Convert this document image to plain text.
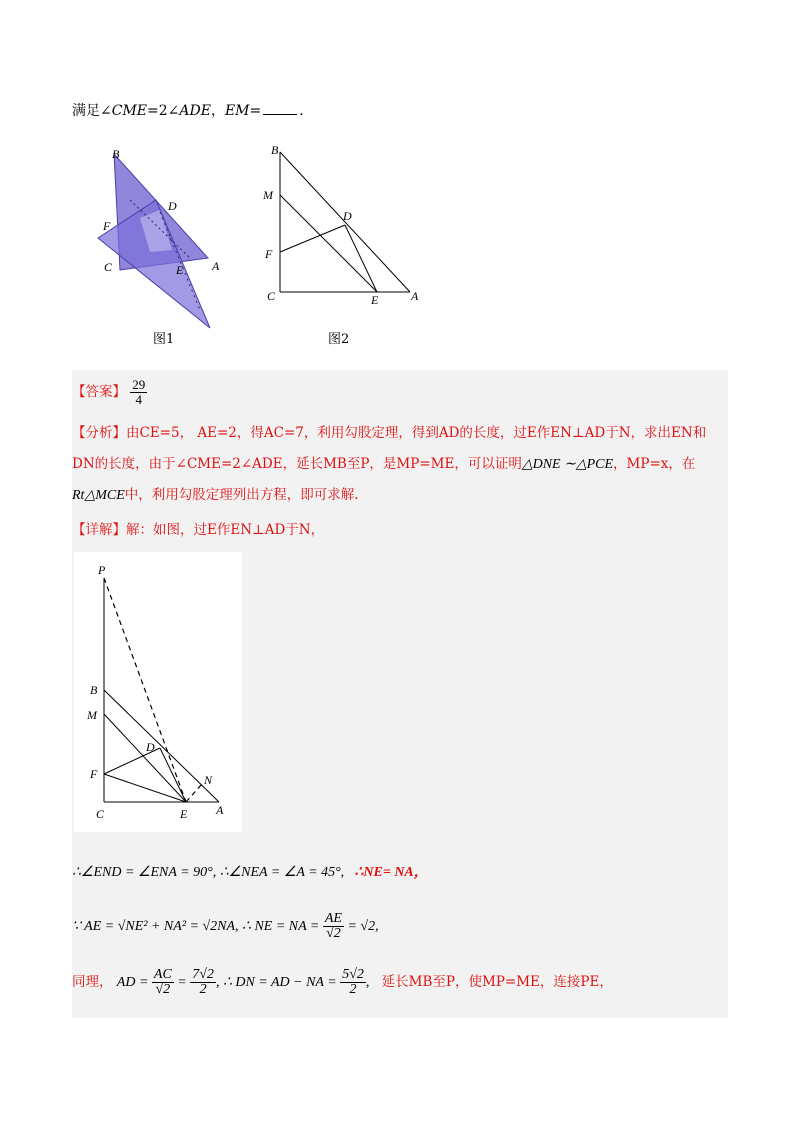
满足∠CME=2∠ADE，EM=	.
B
D
F
C	E A
图1
B
M
D
F
C	E	A
图2
【答案】 $\frac{29}{4}$
【分析】由CE=5， AE=2，得AC=7，利用勾股定理，得到AD的长度，过E作EN⊥AD于N，求出EN和
DN的长度，由于∠CME=2∠ADE，延长MB至P，是MP=ME，可以证明△DNE ∼△PCE，MP=x，在
Rt△MCE中，利用勾股定理列出方程，即可求解.
【详解】解：如图，过E作EN⊥AD于N，
P
B
M
D
F	N
C	E A
∴∠END = ∠ENA = 90°, ∴∠NEA = ∠A = 45°, ∴NE= NA，
∵ AE = √NE² + NA² = √2NA, ∴ NE = NA = $\frac{AE}{√2} = √2$,
同理， AD = $\frac{AC}{√2} = \frac{7√2}{2}$ , ∴ DN = AD − NA = $\frac{5√2}{2}$ , 延长MB至P，使MP=ME，连接PE，
